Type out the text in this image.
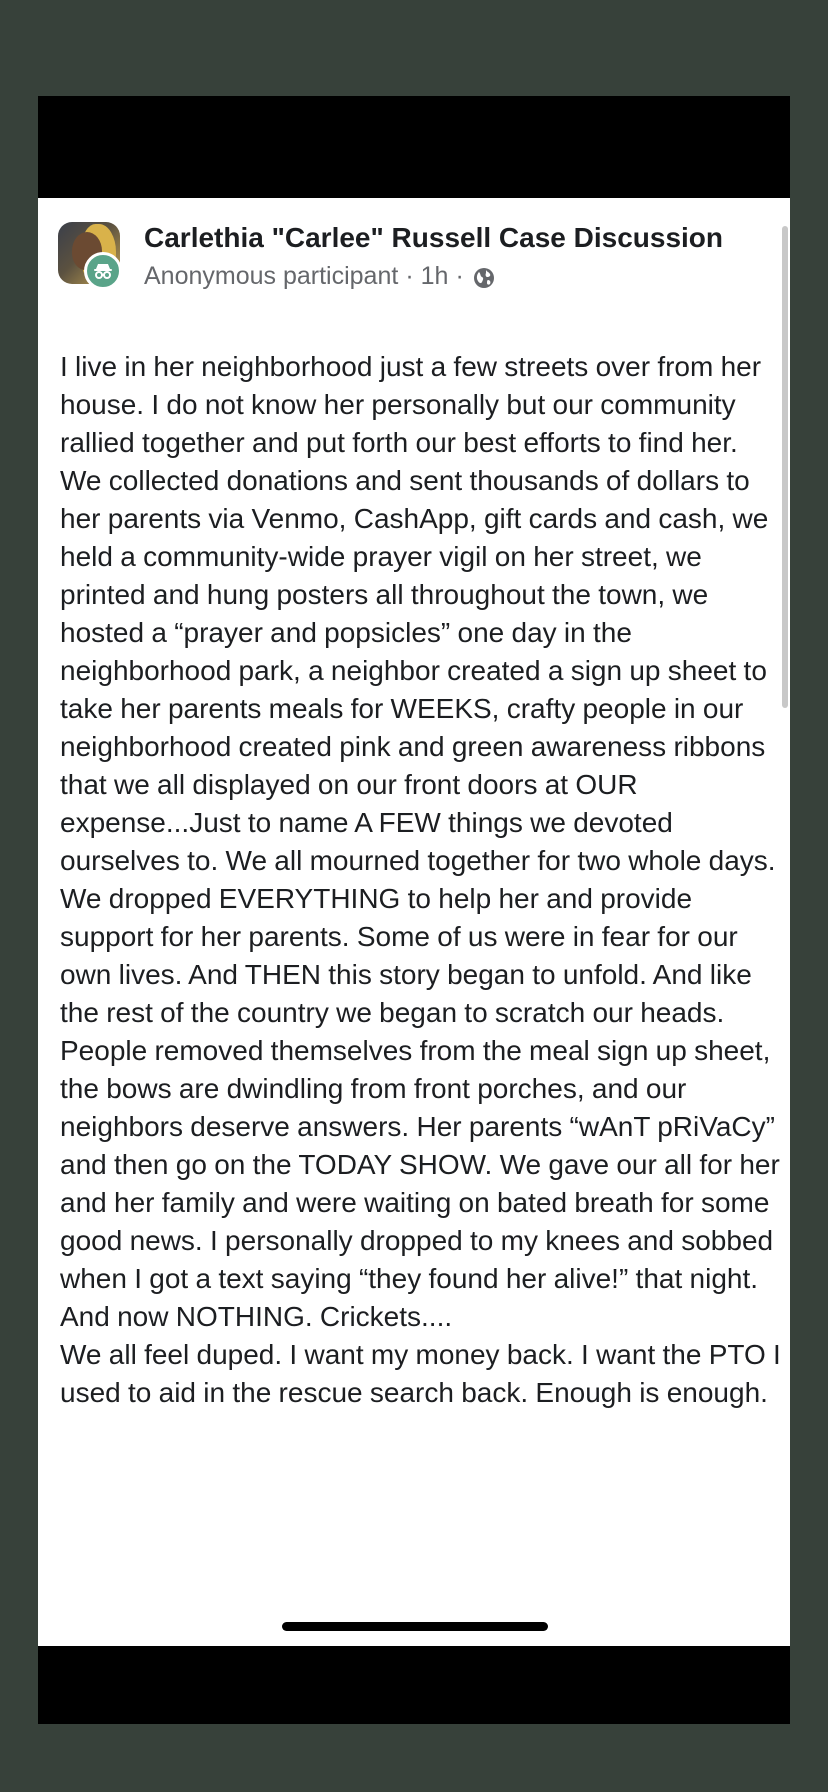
Carlethia "Carlee" Russell Case Discussion
Anonymous participant · 1h ·

I live in her neighborhood just a few streets over from her house. I do not know her personally but our community rallied together and put forth our best efforts to find her. We collected donations and sent thousands of dollars to her parents via Venmo, CashApp, gift cards and cash, we held a community-wide prayer vigil on her street, we printed and hung posters all throughout the town, we hosted a “prayer and popsicles” one day in the neighborhood park, a neighbor created a sign up sheet to take her parents meals for WEEKS, crafty people in our neighborhood created pink and green awareness ribbons that we all displayed on our front doors at OUR expense...Just to name A FEW things we devoted ourselves to. We all mourned together for two whole days. We dropped EVERYTHING to help her and provide support for her parents. Some of us were in fear for our own lives. And THEN this story began to unfold. And like the rest of the country we began to scratch our heads. People removed themselves from the meal sign up sheet, the bows are dwindling from front porches, and our neighbors deserve answers. Her parents “wAnT pRiVaCy” and then go on the TODAY SHOW. We gave our all for her and her family and were waiting on bated breath for some good news. I personally dropped to my knees and sobbed when I got a text saying “they found her alive!” that night. And now NOTHING. Crickets....
We all feel duped. I want my money back. I want the PTO I used to aid in the rescue search back. Enough is enough.
